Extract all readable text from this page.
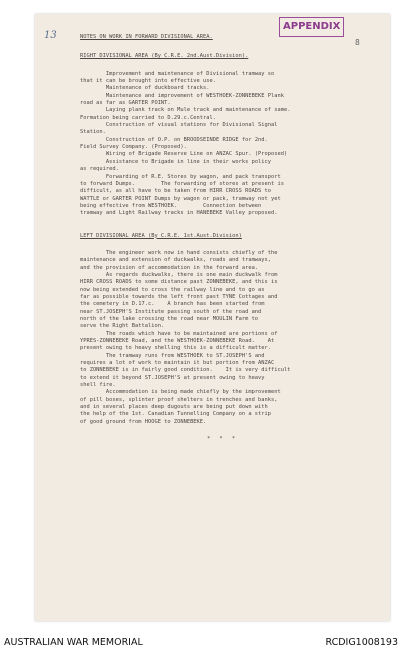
APPENDIX
13
8
NOTES ON WORK IN FORWARD DIVISIONAL AREA.
RIGHT DIVISIONAL AREA (By C.R.E. 2nd.Aust.Division).

Improvement and maintenance of Divisional tramway so
that it can be brought into effective use.
Maintenance of duckboard tracks.
Maintenance and improvement of WESTHOEK-ZONNEBEKE Plank
road as far as GARTER POINT.
Laying plank track on Mule track and maintenance of same.
Formation being carried to D.29.c.Central.
Construction of visual stations for Divisional Signal
Station.
Construction of O.P. on BROODSEINDE RIDGE for 2nd.
Field Survey Company. (Proposed).
Wiring of Brigade Reserve Line on ANZAC Spur. (Proposed)
Assistance to Brigade in line in their works policy
as required.
Forwarding of R.E. Stores by wagon, and pack transport
to forward Dumps.        The forwarding of stores at present is
difficult, as all have to be taken from HIRR CROSS ROADS to
WATTLE or GARTER POINT Dumps by wagon or pack, tramway not yet
being effective from WESTHOEK.        Connection between
tramway and Light Railway tracks in HANEBEKE Valley proposed.

LEFT DIVISIONAL AREA (By C.R.E. 1st.Aust.Division)

The engineer work now in hand consists chiefly of the
maintenance and extension of duckwalks, roads and tramways,
and the provision of accommodation in the forward area.
As regards duckwalks, there is one main duckwalk from
HIRR CROSS ROADS to some distance past ZONNEBEKE, and this is
now being extended to cross the railway line and to go as
far as possible towards the left front past TYNE Cottages and
the cemetery in D.17.c.    A branch has been started from
near ST.JOSEPH'S Institute passing south of the road and
north of the lake crossing the road near MOULIN Farm to
serve the Right Battalion.
The roads which have to be maintained are portions of
YPRES-ZONNEBEKE Road, and the WESTHOEK-ZONNEBEKE Road.    At
present owing to heavy shelling this is a difficult matter.
The tramway runs from WESTHOEK to ST.JOSEPH'S and
requires a lot of work to maintain it but portion from ANZAC
to ZONNEBEKE is in fairly good condition.    It is very difficult
to extend it beyond ST.JOSEPH'S at present owing to heavy
shell fire.
Accommodation is being made chiefly by the improvement
of pill boxes, splinter proof shelters in trenches and banks,
and in several places deep dugouts are being put down with
the help of the 1st. Canadian Tunnelling Company on a strip
of good ground from HOOGE to ZONNEBEKE.

* * *
AUSTRALIAN WAR MEMORIAL	RCDIG1008193
